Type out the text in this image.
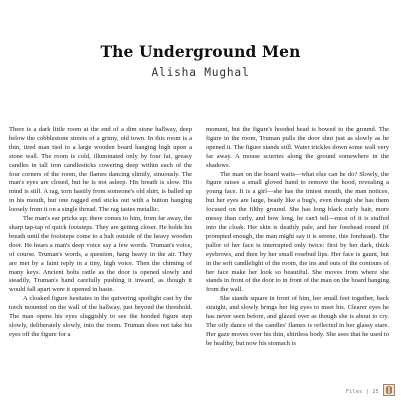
The Underground Men
Alisha Mughal

There is a dark little room at the end of a dim stone hallway, deep below the cobblestone streets of a grimy, old town. In this room is a thin, tired man tied to a large wooden board hanging high upon a stone wall. The room is cold, illuminated only by four fat, greasy candles in tall iron candlesticks cowering deep within each of the four corners of the room, the flames dancing slimily, sinuously. The man's eyes are closed, but he is not asleep. His breath is slow. His mind is still. A rag, torn hastily from someone's old shirt, is balled up in his mouth, but one ragged end sticks out with a button hanging loosely from it on a single thread. The rag tastes metallic.

The man's ear pricks up; there comes to him, from far away, the sharp tap-tap of quick footsteps. They are getting closer. He holds his breath until the footsteps come to a halt outside of the heavy wooden door. He hears a man's deep voice say a few words. Truman's voice, of course. Truman's words, a question, hang heavy in the air. They are met by a faint reply in a tiny, high voice. Then the chiming of many keys. Ancient bolts rattle as the door is opened slowly and steadily, Truman's hand carefully pushing it inward, as though it would fall apart were it opened in haste.

A cloaked figure hesitates in the quivering spotlight cast by the torch mounted on the wall of the hallway, just beyond the threshold. The man opens his eyes sluggishly to see the hooded figure step slowly, deliberately slowly, into the room. Truman does not take his eyes off the figure for a

moment, but the figure's hooded head is bowed to the ground. The figure in the room, Truman pulls the door shut just as slowly as he opened it. The figure stands still. Water trickles down some wall very far away. A mouse scurries along the ground somewhere in the shadows.

The man on the board waits—what else can he do? Slowly, the figure raises a small gloved hand to remove the hood, revealing a young face. It is a girl—she has the tiniest mouth, the man notices, but her eyes are large, beady like a bug's, even though she has them focused on the filthy ground. She has long black curly hair, more messy than curly, and how long, he can't tell—most of it is stuffed into the cloak. Her skin is deathly pale, and her forehead round (if prompted enough, the man might say it is serene, this forehead). The pallor of her face is interrupted only twice: first by her dark, thick eyebrows, and then by her small rosebud lips. Her face is gaunt, but in the soft candlelight of the room, the ins and outs of the contours of her face make her look so beautiful. She moves from where she stands in front of the door to in front of the man on the board hanging from the wall.

She stands square in front of him, her small feet together, back straight, and slowly brings her big eyes to meet his. Clearer eyes he has never seen before, and glazed over as though she is about to cry. The oily dance of the candles' flames is reflected in her glassy stare. Her gaze moves over his thin, shirtless body. She sees that he used to be healthy, but now his stomach is

Files | 25
